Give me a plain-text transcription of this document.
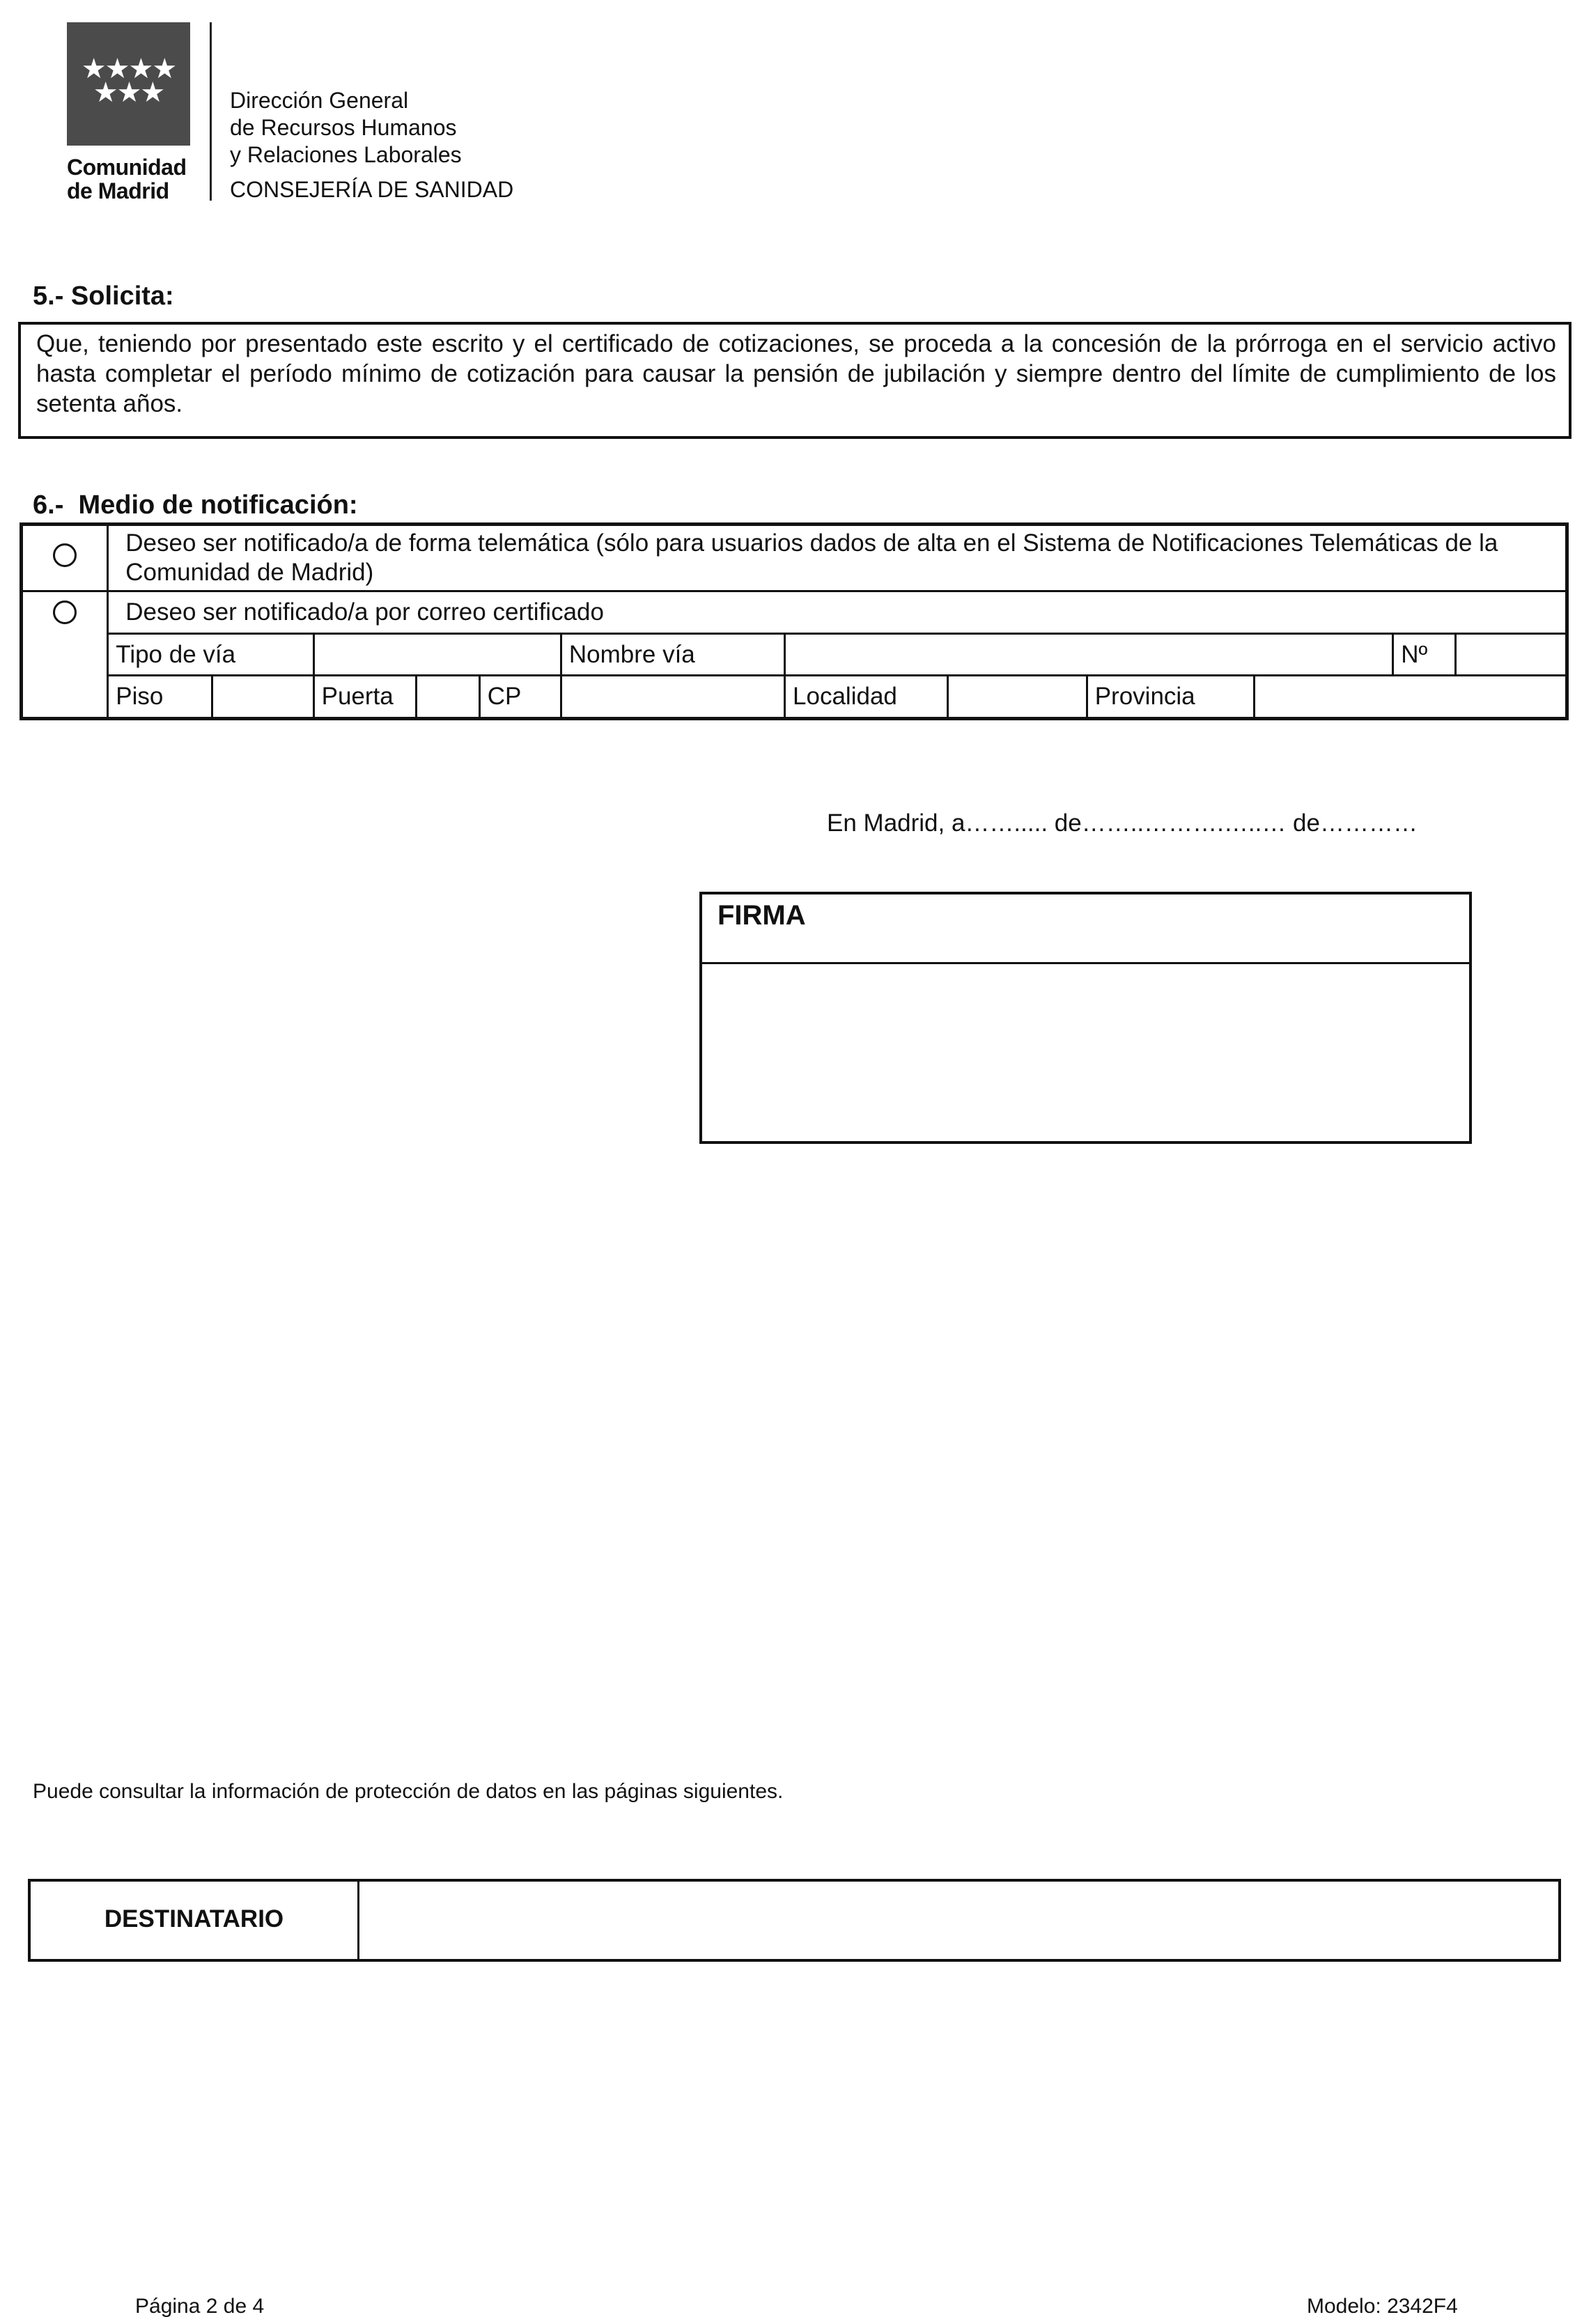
★★★★
★★★
Comunidad
de Madrid
Dirección General
de Recursos Humanos
y Relaciones Laborales
CONSEJERÍA DE SANIDAD
5.- Solicita:
Que, teniendo por presentado este escrito y el certificado de cotizaciones, se proceda a la concesión de la prórroga en el servicio activo hasta completar el período mínimo de cotización para causar la pensión de jubilación y siempre dentro del límite de cumplimiento de los setenta años.
6.-  Medio de notificación:
	Deseo ser notificado/a de forma telemática (sólo para usuarios dados de alta en el Sistema de Notificaciones Telemáticas de la Comunidad de Madrid)											
	Deseo ser notificado/a por correo certificado											
	Tipo de vía					Nombre vía					Nº	
	Piso		Puerta		CP		Localidad		Provincia			
En Madrid, a……..... de……..……….…..… de…………
FIRMA
Puede consultar la información de protección de datos en las páginas siguientes.
DESTINATARIO
Página 2 de 4	Modelo: 2342F4
